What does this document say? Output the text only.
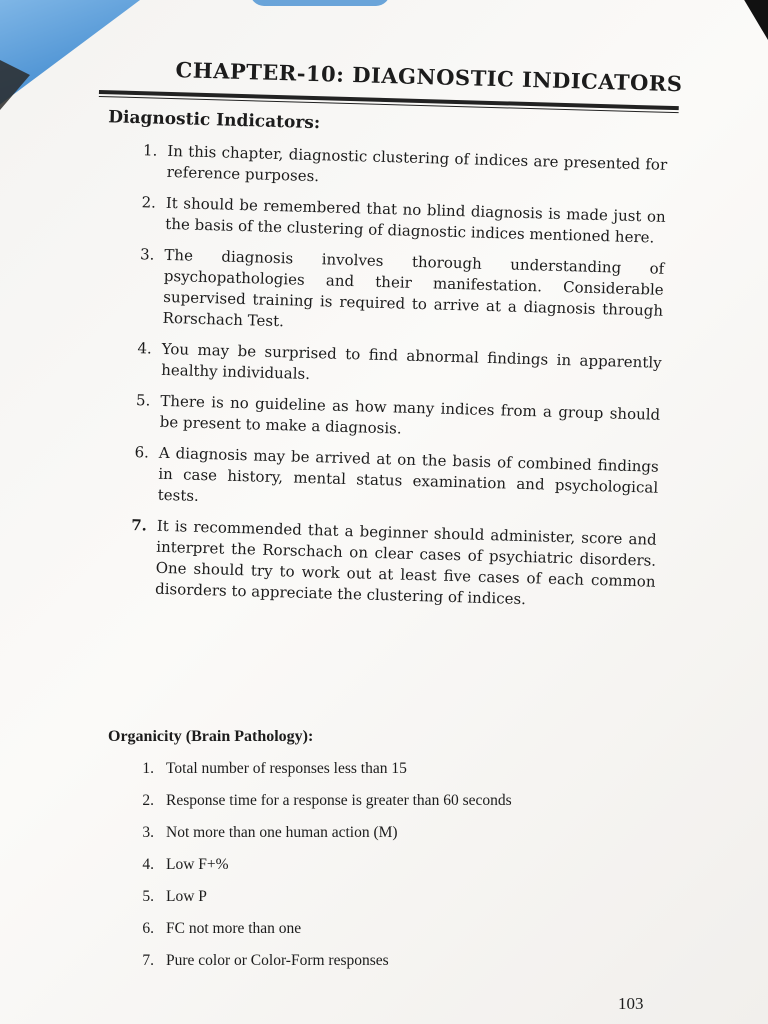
CHAPTER-10: DIAGNOSTIC INDICATORS
Diagnostic Indicators:
1. In this chapter, diagnostic clustering of indices are presented for reference purposes.
2. It should be remembered that no blind diagnosis is made just on the basis of the clustering of diagnostic indices mentioned here.
3. The diagnosis involves thorough understanding of psychopathologies and their manifestation. Considerable supervised training is required to arrive at a diagnosis through Rorschach Test.
4. You may be surprised to find abnormal findings in apparently healthy individuals.
5. There is no guideline as how many indices from a group should be present to make a diagnosis.
6. A diagnosis may be arrived at on the basis of combined findings in case history, mental status examination and psychological tests.
7. It is recommended that a beginner should administer, score and interpret the Rorschach on clear cases of psychiatric disorders. One should try to work out at least five cases of each common disorders to appreciate the clustering of indices.
Organicity (Brain Pathology):
1. Total number of responses less than 15
2. Response time for a response is greater than 60 seconds
3. Not more than one human action (M)
4. Low F+%
5. Low P
6. FC not more than one
7. Pure color or Color-Form responses
103
